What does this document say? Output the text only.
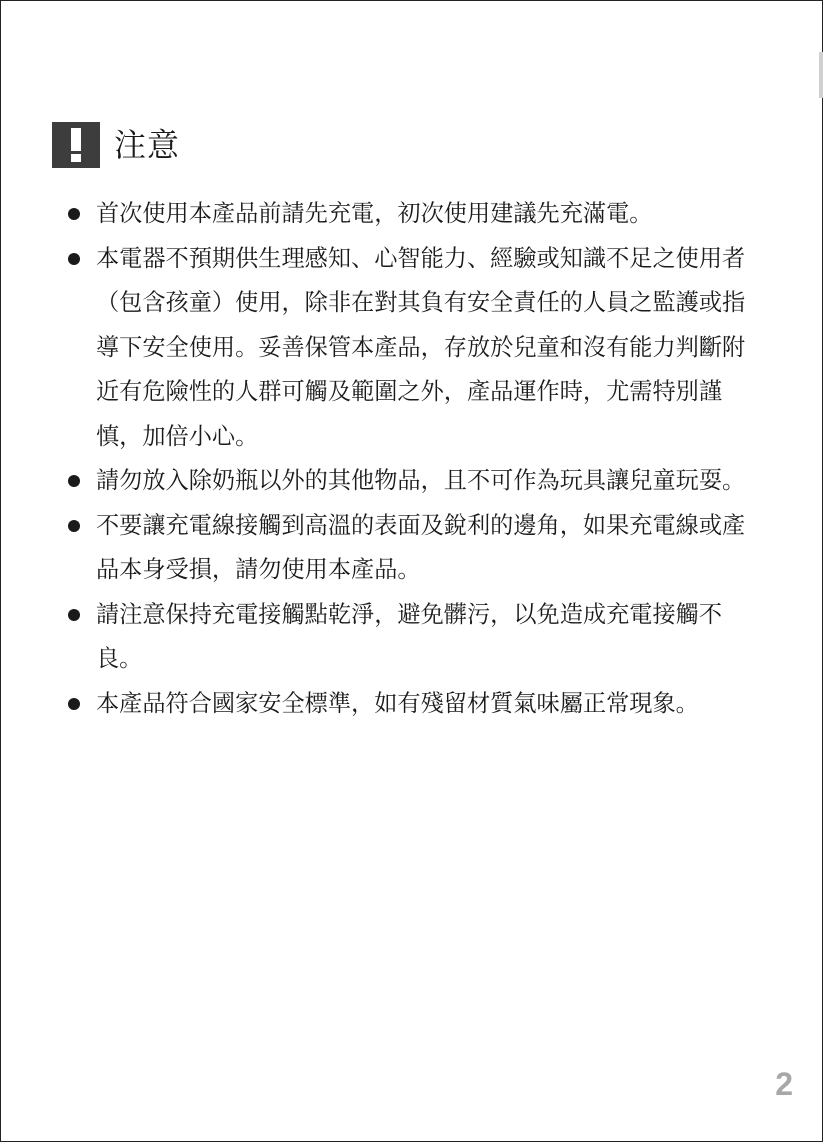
注意
首次使用本產品前請先充電，初次使用建議先充滿電。
本電器不預期供生理感知、心智能力、經驗或知識不足之使用者（包含孩童）使用，除非在對其負有安全責任的人員之監護或指導下安全使用。妥善保管本產品，存放於兒童和沒有能力判斷附近有危險性的人群可觸及範圍之外，產品運作時，尤需特別謹慎，加倍小心。
請勿放入除奶瓶以外的其他物品，且不可作為玩具讓兒童玩耍。
不要讓充電線接觸到高溫的表面及銳利的邊角，如果充電線或產品本身受損，請勿使用本產品。
請注意保持充電接觸點乾淨，避免髒污，以免造成充電接觸不良。
本產品符合國家安全標準，如有殘留材質氣味屬正常現象。
2
